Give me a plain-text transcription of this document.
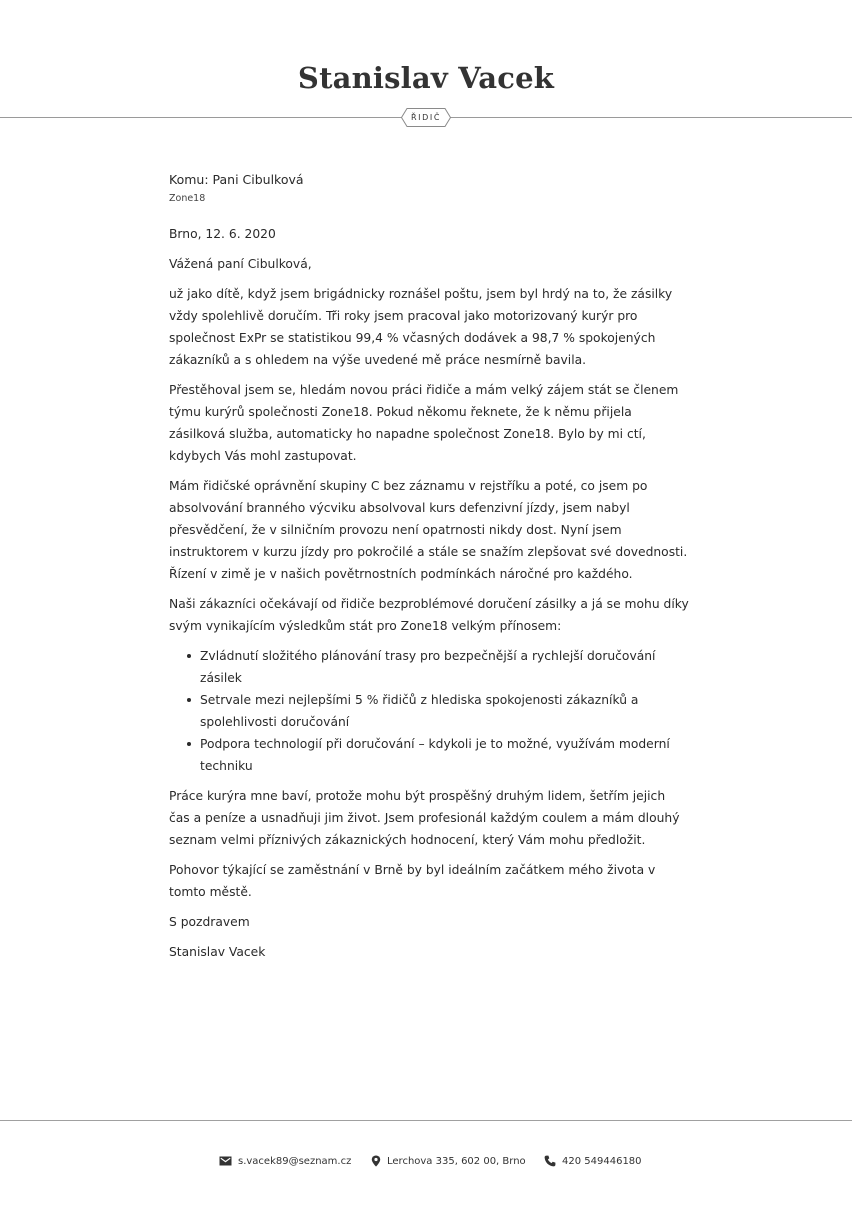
Stanislav Vacek
ŘIDIČ

Komu: Pani Cibulková

Zone18

Brno, 12. 6. 2020

Vážená paní Cibulková,

už jako dítě, když jsem brigádnicky roznášel poštu, jsem byl hrdý na to, že zásilky vždy spolehlivě doručím. Tři roky jsem pracoval jako motorizovaný kurýr pro společnost ExPr se statistikou 99,4 % včasných dodávek a 98,7 % spokojených zákazníků a s ohledem na výše uvedené mě práce nesmírně bavila.

Přestěhoval jsem se, hledám novou práci řidiče a mám velký zájem stát se členem týmu kurýrů společnosti Zone18. Pokud někomu řeknete, že k němu přijela zásilková služba, automaticky ho napadne společnost Zone18. Bylo by mi ctí, kdybych Vás mohl zastupovat.

Mám řidičské oprávnění skupiny C bez záznamu v rejstříku a poté, co jsem po absolvování branného výcviku absolvoval kurs defenzivní jízdy, jsem nabyl přesvědčení, že v silničním provozu není opatrnosti nikdy dost. Nyní jsem instruktorem v kurzu jízdy pro pokročilé a stále se snažím zlepšovat své dovednosti. Řízení v zimě je v našich povětrnostních podmínkách náročné pro každého.

Naši zákazníci očekávají od řidiče bezproblémové doručení zásilky a já se mohu díky svým vynikajícím výsledkům stát pro Zone18 velkým přínosem:

Zvládnutí složitého plánování trasy pro bezpečnější a rychlejší doručování zásilek
Setrvale mezi nejlepšími 5 % řidičů z hlediska spokojenosti zákazníků a spolehlivosti doručování
Podpora technologií při doručování – kdykoli je to možné, využívám moderní techniku

Práce kurýra mne baví, protože mohu být prospěšný druhým lidem, šetřím jejich čas a peníze a usnadňuji jim život. Jsem profesionál každým coulem a mám dlouhý seznam velmi příznivých zákaznických hodnocení, který Vám mohu předložit.

Pohovor týkající se zaměstnání v Brně by byl ideálním začátkem mého života v tomto městě.

S pozdravem

Stanislav Vacek

s.vacek89@seznam.cz	Lerchova 335, 602 00, Brno	420 549446180
